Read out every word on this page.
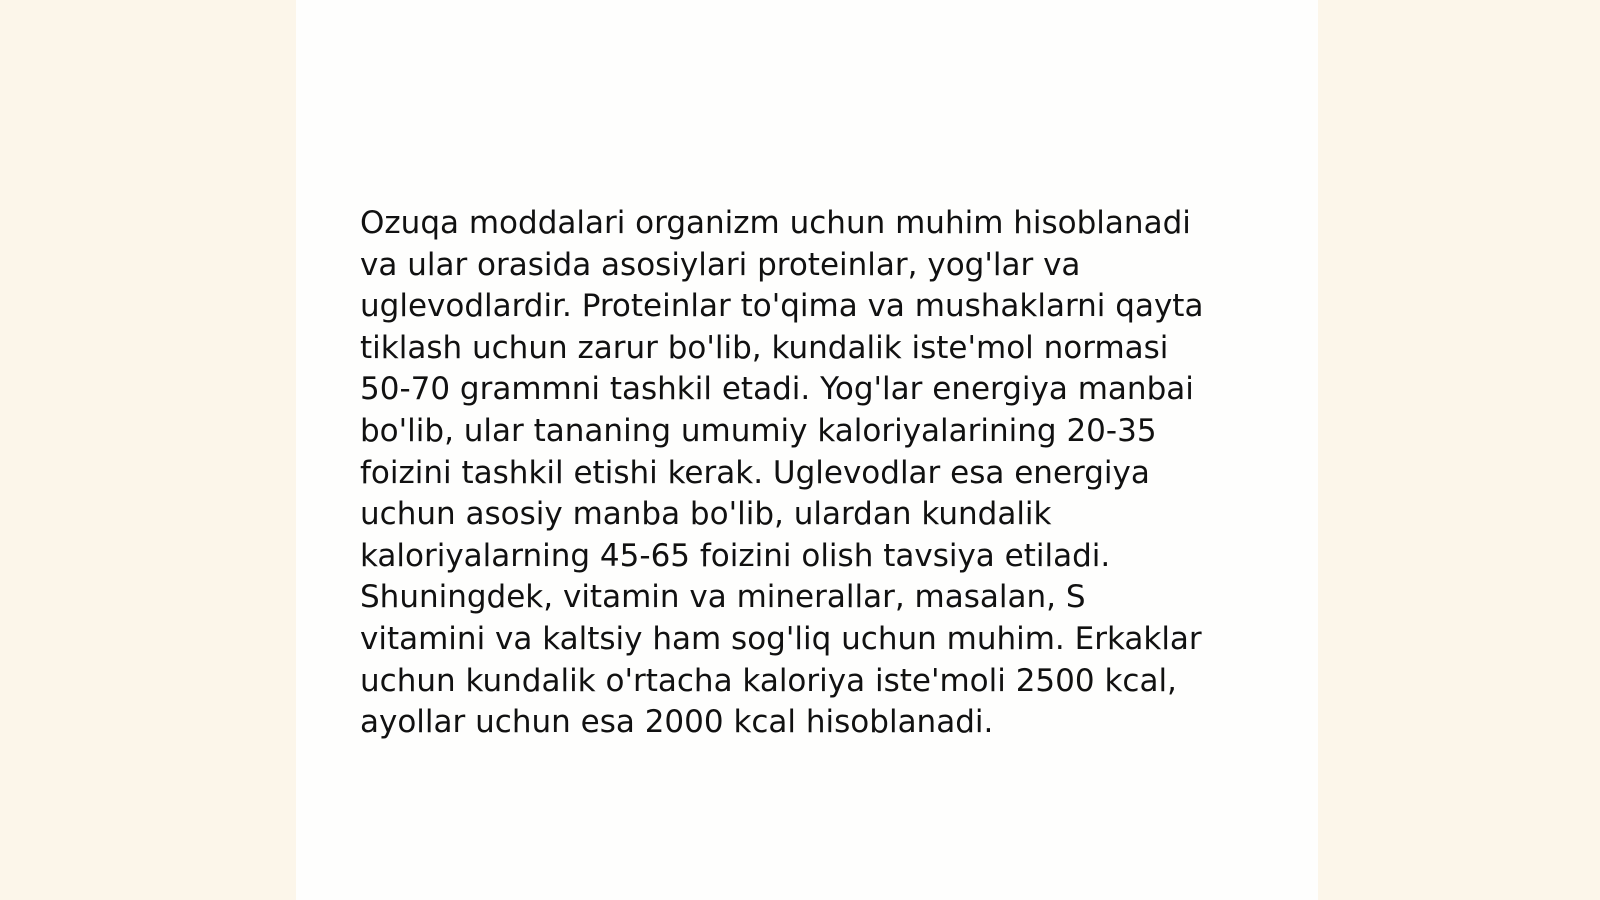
Ozuqa moddalari organizm uchun muhim hisoblanadi
va ular orasida asosiylari proteinlar, yog'lar va
uglevodlardir. Proteinlar to'qima va mushaklarni qayta
tiklash uchun zarur bo'lib, kundalik iste'mol normasi
50-70 grammni tashkil etadi. Yog'lar energiya manbai
bo'lib, ular tananing umumiy kaloriyalarining 20-35
foizini tashkil etishi kerak. Uglevodlar esa energiya
uchun asosiy manba bo'lib, ulardan kundalik
kaloriyalarning 45-65 foizini olish tavsiya etiladi.
Shuningdek, vitamin va minerallar, masalan, S
vitamini va kaltsiy ham sog'liq uchun muhim. Erkaklar
uchun kundalik o'rtacha kaloriya iste'moli 2500 kcal,
ayollar uchun esa 2000 kcal hisoblanadi.
